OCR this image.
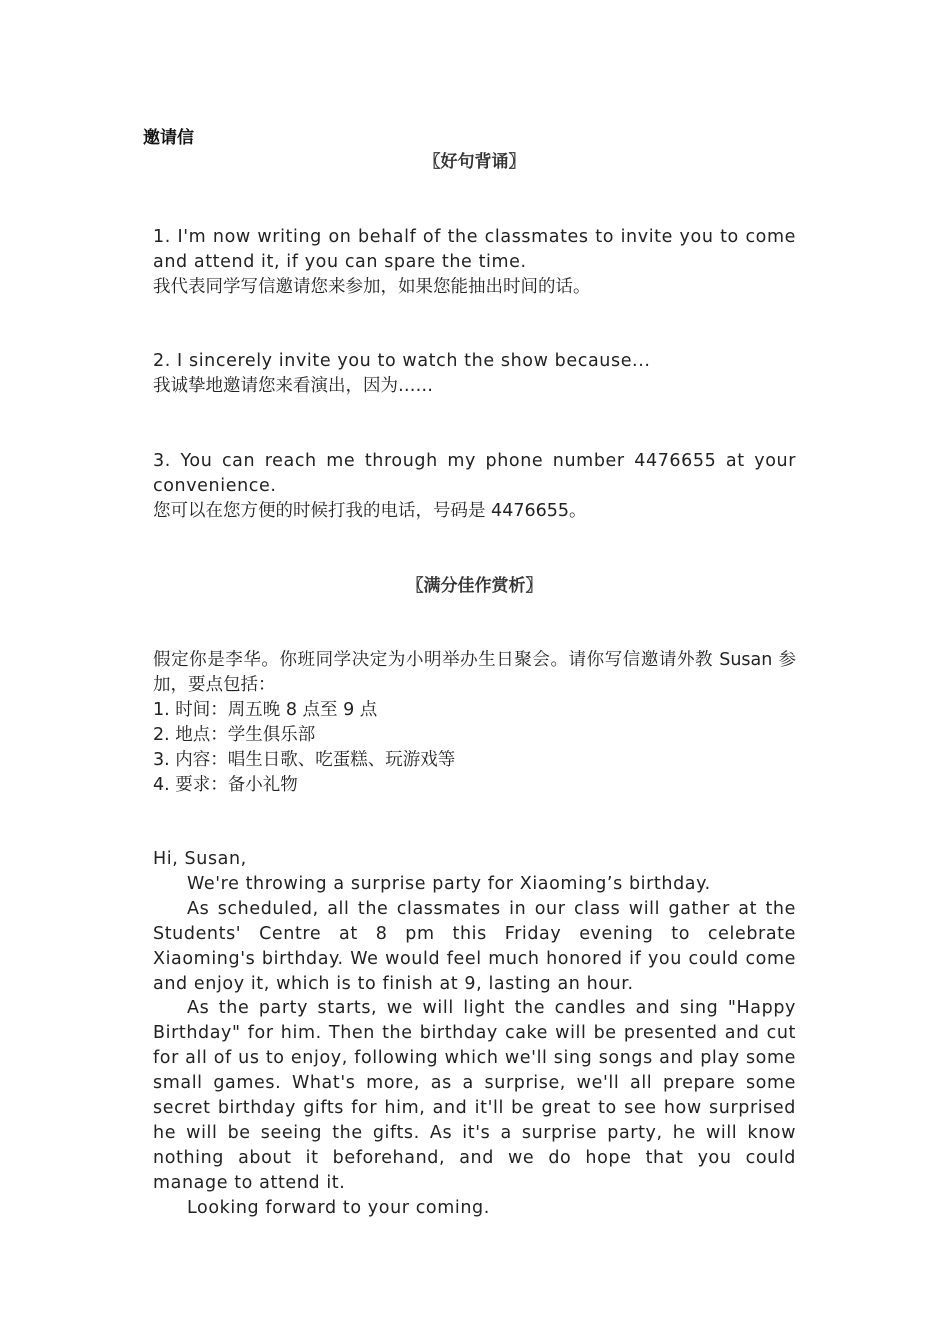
邀请信
〖好句背诵〗

1. I'm now writing on behalf of the classmates to invite you to come and attend it, if you can spare the time.

我代表同学写信邀请您来参加，如果您能抽出时间的话。

2. I sincerely invite you to watch the show because...

我诚挚地邀请您来看演出，因为……

3. You can reach me through my phone number 4476655 at your convenience.

您可以在您方便的时候打我的电话，号码是 4476655。

〖满分佳作赏析〗

假定你是李华。你班同学决定为小明举办生日聚会。请你写信邀请外教 Susan 参加，要点包括：

1. 时间：周五晚 8 点至 9 点

2. 地点：学生俱乐部

3. 内容：唱生日歌、吃蛋糕、玩游戏等

4. 要求：备小礼物

Hi, Susan,

We're throwing a surprise party for Xiaoming’s birthday.

As scheduled, all the classmates in our class will gather at the Students' Centre at 8 pm this Friday evening to celebrate Xiaoming's birthday. We would feel much honored if you could come and enjoy it, which is to finish at 9, lasting an hour.

As the party starts, we will light the candles and sing "Happy Birthday" for him. Then the birthday cake will be presented and cut for all of us to enjoy, following which we'll sing songs and play some small games. What's more, as a surprise, we'll all prepare some secret birthday gifts for him, and it'll be great to see how surprised he will be seeing the gifts. As it's a surprise party, he will know nothing about it beforehand, and we do hope that you could manage to attend it.

Looking forward to your coming.
